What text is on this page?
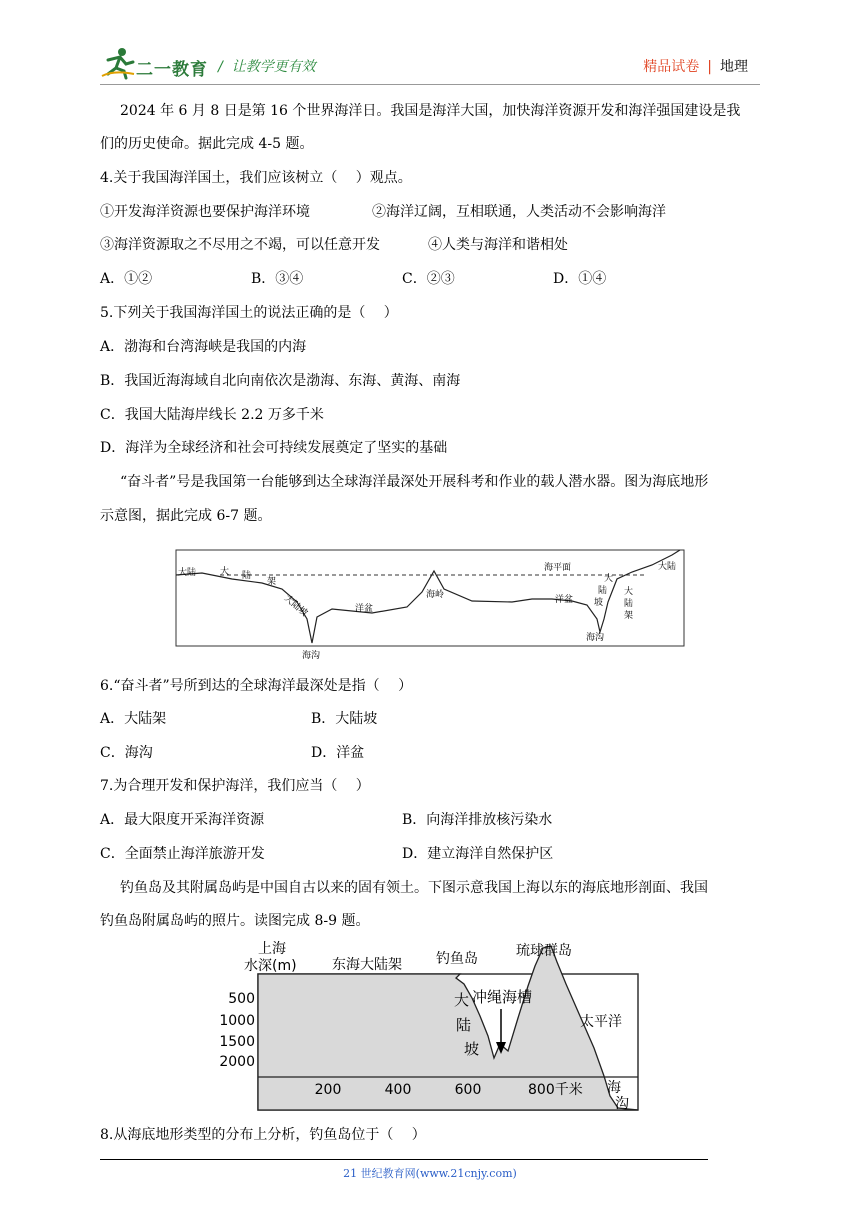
二一教育 /  让教学更有效	精品试卷 | 地理
2024 年 6 月 8 日是第 16 个世界海洋日。我国是海洋大国，加快海洋资源开发和海洋强国建设是我
们的历史使命。据此完成 4-5 题。
4.关于我国海洋国土，我们应该树立（　 ）观点。
①开发海洋资源也要保护海洋环境	②海洋辽阔，互相联通，人类活动不会影响海洋
③海洋资源取之不尽用之不竭，可以任意开发	④人类与海洋和谐相处
A．①②	B．③④	C．②③	D．①④
5.下列关于我国海洋国土的说法正确的是（　 ）
A．渤海和台湾海峡是我国的内海
B．我国近海海域自北向南依次是渤海、东海、黄海、南海
C．我国大陆海岸线长 2.2 万多千米
D．海洋为全球经济和社会可持续发展奠定了坚实的基础
“奋斗者”号是我国第一台能够到达全球海洋最深处开展科考和作业的载人潜水器。图为海底地形
示意图，据此完成 6-7 题。
大陆	大 陆
架
大陆坡	洋盆
海沟
海岭
海平面
洋盆
大
陆
坡
大
陆
架
海沟
大陆
6.“奋斗者”号所到达的全球海洋最深处是指（　 ）
A．大陆架	B．大陆坡
C．海沟	D．洋盆
7.为合理开发和保护海洋，我们应当（　 ）
A．最大限度开采海洋资源	B．向海洋排放核污染水
C．全面禁止海洋旅游开发	D．建立海洋自然保护区
钓鱼岛及其附属岛屿是中国自古以来的固有领土。下图示意我国上海以东的海底地形剖面、我国
钓鱼岛附属岛屿的照片。读图完成 8-9 题。
上海
水深(m)	东海大陆架 钓鱼岛	琉球群岛
冲绳海槽
大
陆
坡
太平洋
海
沟
500
1000
1500
2000
200	400	600	800千米
8.从海底地形类型的分布上分析，钓鱼岛位于（　 ）
21 世纪教育网(www.21cnjy.com)
